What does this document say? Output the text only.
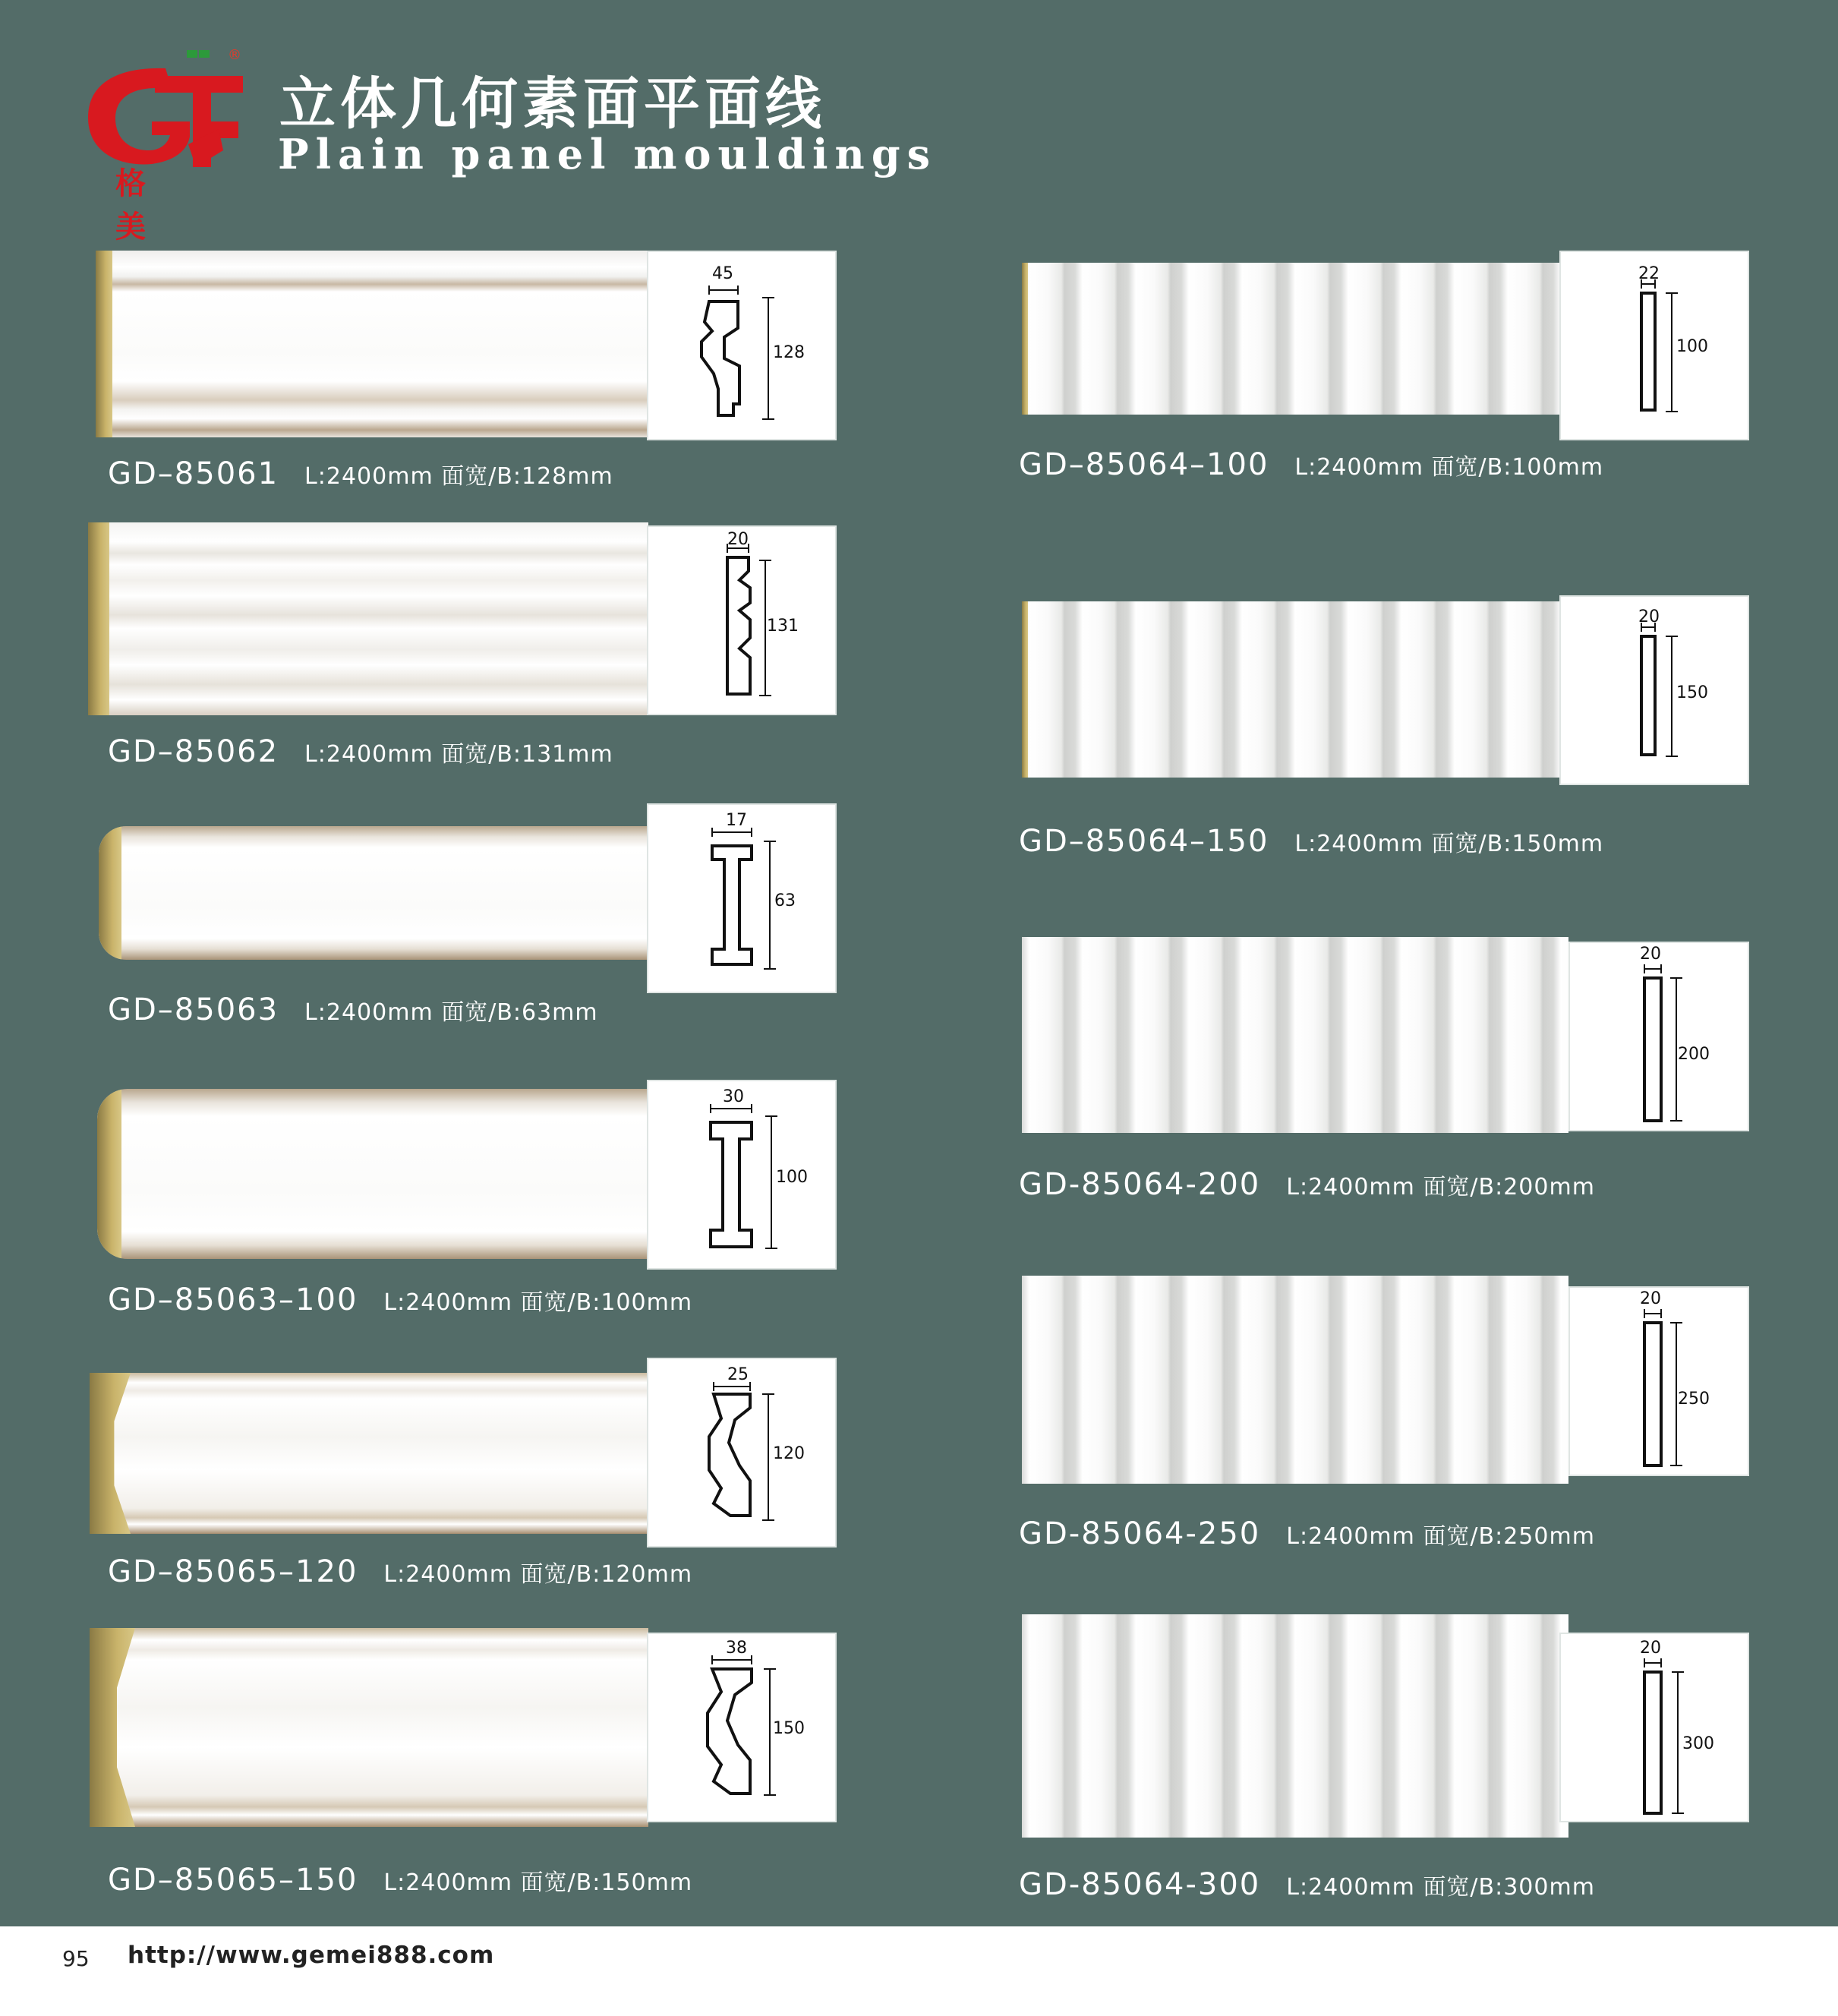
®
格美
立体几何素面平面线
Plain panel mouldings
45
128
GD–85061 L:2400mm 面宽/B:128mm
20
131
GD–85062 L:2400mm 面宽/B:131mm
17
63
GD–85063 L:2400mm 面宽/B:63mm
30
100
GD–85063–100 L:2400mm 面宽/B:100mm
25
120
GD–85065–120 L:2400mm 面宽/B:120mm
38
150
GD–85065–150 L:2400mm 面宽/B:150mm
22
100
GD–85064–100 L:2400mm 面宽/B:100mm
20
150
GD–85064–150 L:2400mm 面宽/B:150mm
20
200
GD-85064-200 L:2400mm 面宽/B:200mm
20
250
GD-85064-250 L:2400mm 面宽/B:250mm
20
300
GD-85064-300 L:2400mm 面宽/B:300mm
95 http://www.gemei888.com
